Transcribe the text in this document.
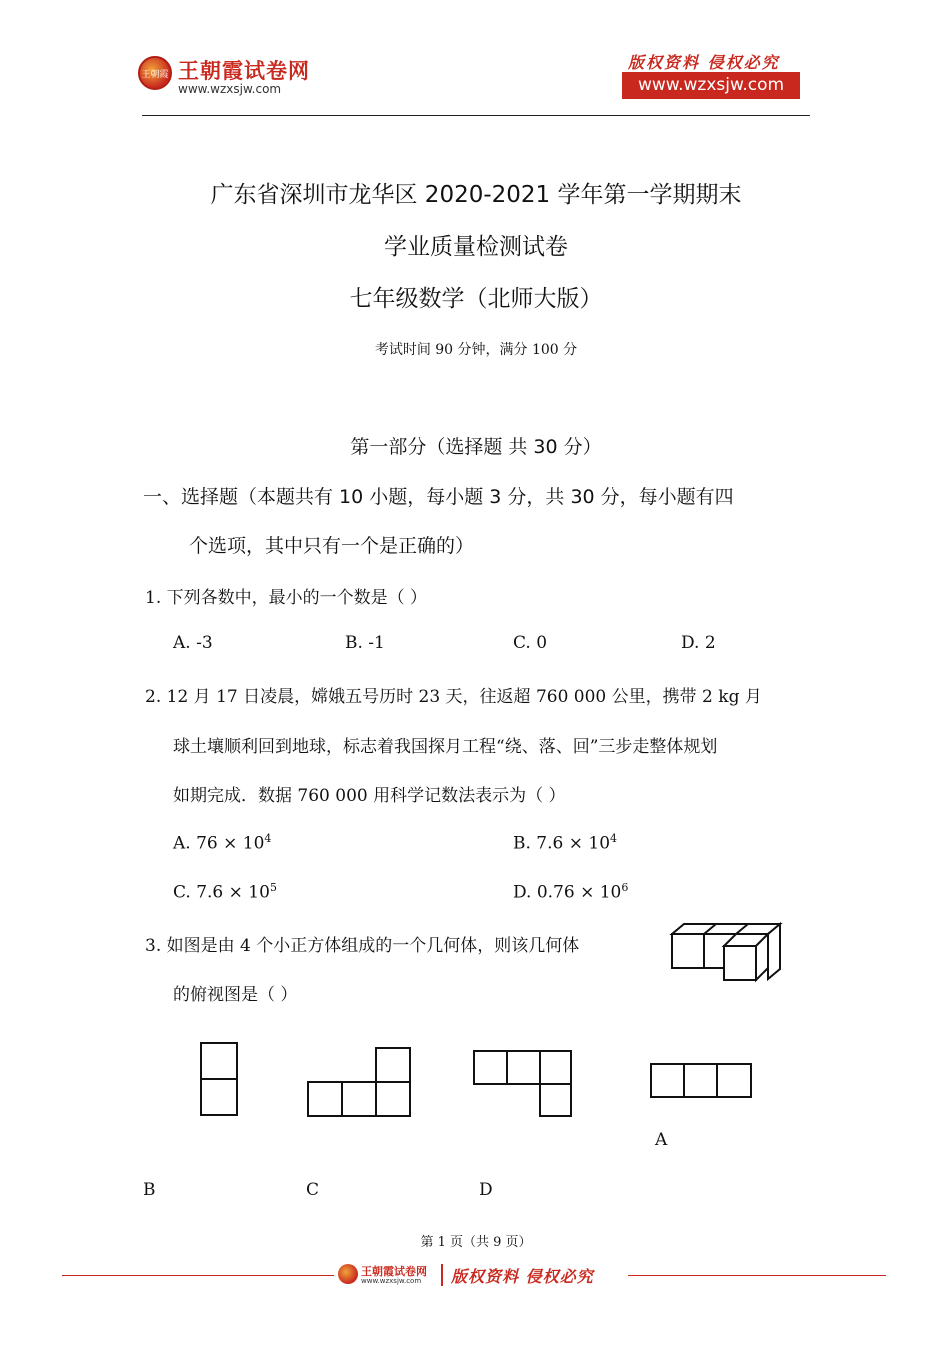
王朝霞 王朝霞试卷网
www.wzxsjw.com
版权资料 侵权必究
www.wzxsjw.com
广东省深圳市龙华区 2020-2021 学年第一学期期末
学业质量检测试卷
七年级数学（北师大版）
考试时间 90 分钟，满分 100 分
第一部分（选择题 共 30 分）
一、选择题（本题共有 10 小题，每小题 3 分，共 30 分，每小题有四
个选项，其中只有一个是正确的）
1. 下列各数中，最小的一个数是（ ）
A. -3	B. -1	C. 0	D. 2
2. 12 月 17 日凌晨，嫦娥五号历时 23 天，往返超 760 000 公里，携带 2 kg 月
球土壤顺利回到地球，标志着我国探月工程“绕、落、回”三步走整体规划
如期完成．数据 760 000 用科学记数法表示为（ ）
A. $76 \times 10^4$	B. $7.6 \times 10^4$
C. $7.6 \times 10^5$	D. $0.76 \times 10^6$
3. 如图是由 4 个小正方体组成的一个几何体，则该几何体
的俯视图是（ ）
A
B	C	D
第 1 页（共 9 页）
王朝霞试卷网
www.wzxsjw.com 版权资料 侵权必究
